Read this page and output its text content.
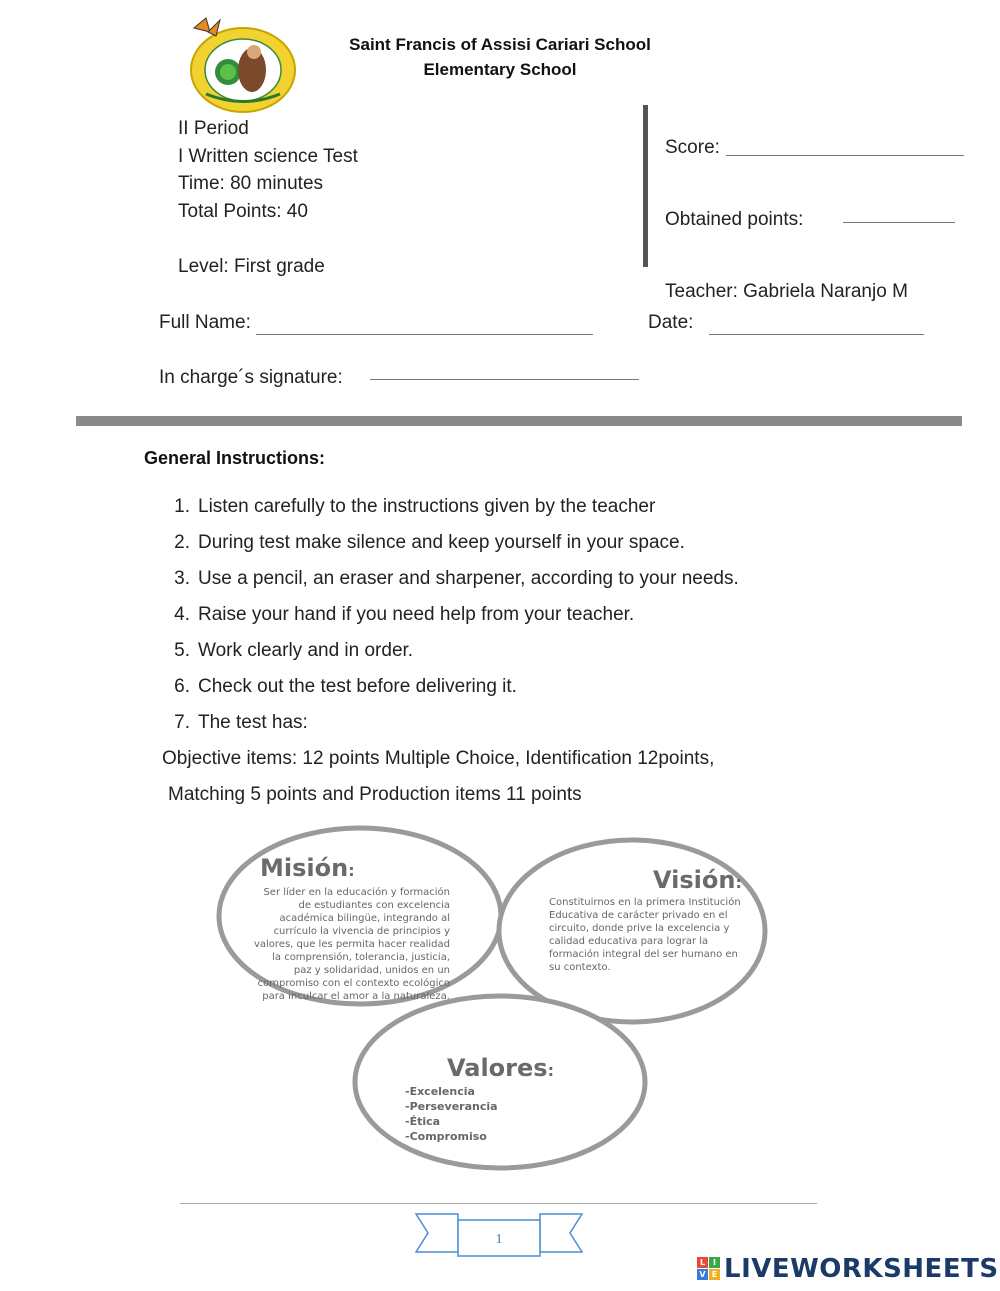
Saint Francis of Assisi Cariari School
Elementary School
II Period
I Written science Test
Time: 80 minutes
Total Points: 40
Level: First grade
Score:
Obtained points:
Teacher: Gabriela Naranjo M
Full Name:	Date:
In charge´s signature:
General Instructions:
1. Listen carefully to the instructions given by the teacher
2. During test make silence and keep yourself in your space.
3. Use a pencil, an eraser and sharpener, according to your needs.
4. Raise your hand if you need help from your teacher.
5. Work clearly and in order.
6. Check out the test before delivering it.
7. The test has:
Objective items: 12 points Multiple Choice, Identification 12points,
Matching 5 points and Production items 11 points
Misión:
Ser líder en la educación y formación
de estudiantes con excelencia
académica bilingüe, integrando al
currículo la vivencia de principios y
valores, que les permita hacer realidad
la comprensión, tolerancia, justicia,
paz y solidaridad, unidos en un
compromiso con el contexto ecológico
para inculcar el amor a la naturaleza.
Visión:
Constituirnos en la primera Institución
Educativa de carácter privado en el
circuito, donde prive la excelencia y
calidad educativa para lograr la
formación integral del ser humano en
su contexto.
Valores:
-Excelencia
-Perseverancia
-Ética
-Compromiso
1
L I
V E LIVEWORKSHEETS
